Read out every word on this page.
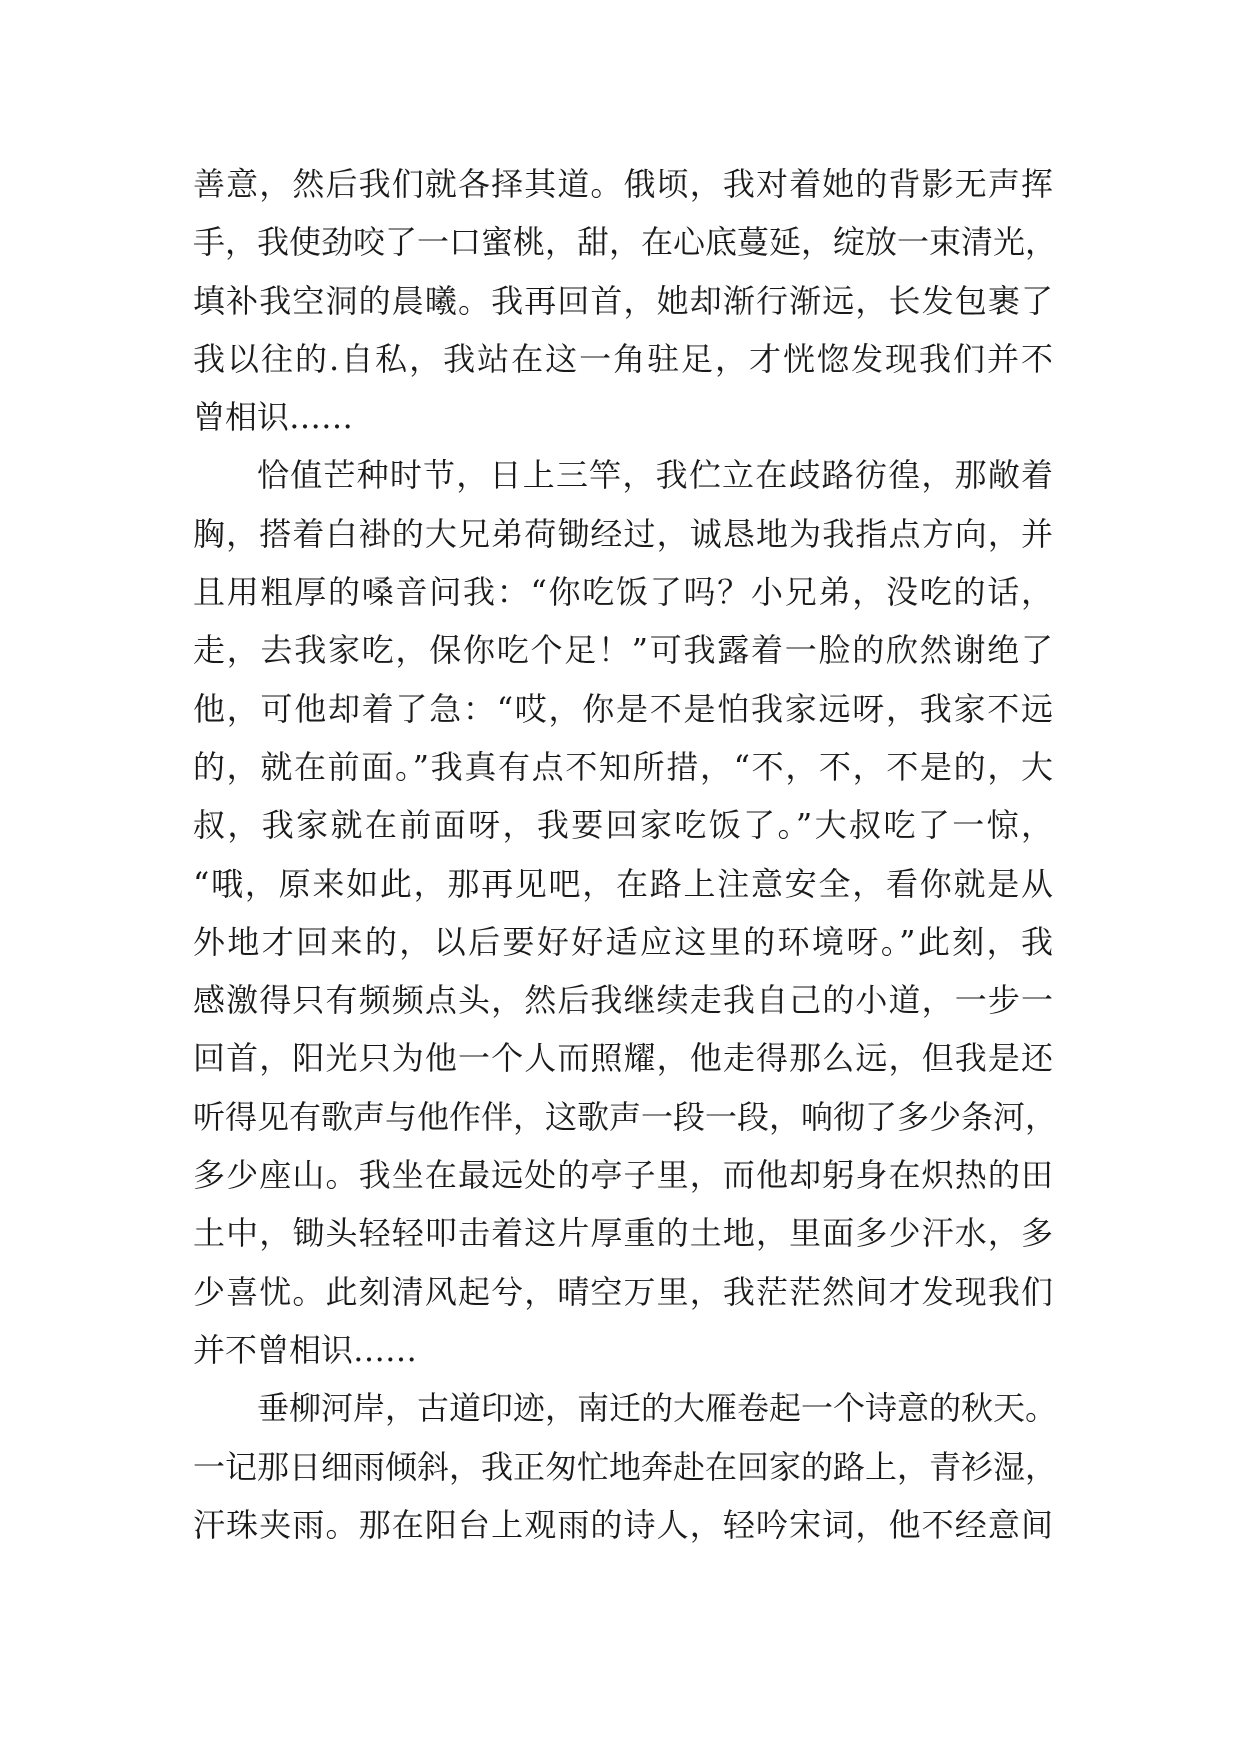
善意，然后我们就各择其道。俄顷，我对着她的背影无声挥
手，我使劲咬了一口蜜桃，甜，在心底蔓延，绽放一束清光，
填补我空洞的晨曦。我再回首，她却渐行渐远，长发包裹了
我以往的.自私，我站在这一角驻足，才恍惚发现我们并不
曾相识……
恰值芒种时节，日上三竿，我伫立在歧路彷徨，那敞着
胸，搭着白褂的大兄弟荷锄经过，诚恳地为我指点方向，并
且用粗厚的嗓音问我：“你吃饭了吗？小兄弟，没吃的话，
走，去我家吃，保你吃个足！”可我露着一脸的欣然谢绝了
他，可他却着了急：“哎，你是不是怕我家远呀，我家不远
的，就在前面。”我真有点不知所措，“不，不，不是的，大
叔，我家就在前面呀，我要回家吃饭了。”大叔吃了一惊，
“哦，原来如此，那再见吧，在路上注意安全，看你就是从
外地才回来的，以后要好好适应这里的环境呀。”此刻，我
感激得只有频频点头，然后我继续走我自己的小道，一步一
回首，阳光只为他一个人而照耀，他走得那么远，但我是还
听得见有歌声与他作伴，这歌声一段一段，响彻了多少条河，
多少座山。我坐在最远处的亭子里，而他却躬身在炽热的田
土中，锄头轻轻叩击着这片厚重的土地，里面多少汗水，多
少喜忧。此刻清风起兮，晴空万里，我茫茫然间才发现我们
并不曾相识……
垂柳河岸，古道印迹，南迁的大雁卷起一个诗意的秋天。
一记那日细雨倾斜，我正匆忙地奔赴在回家的路上，青衫湿，
汗珠夹雨。那在阳台上观雨的诗人，轻吟宋词，他不经意间
